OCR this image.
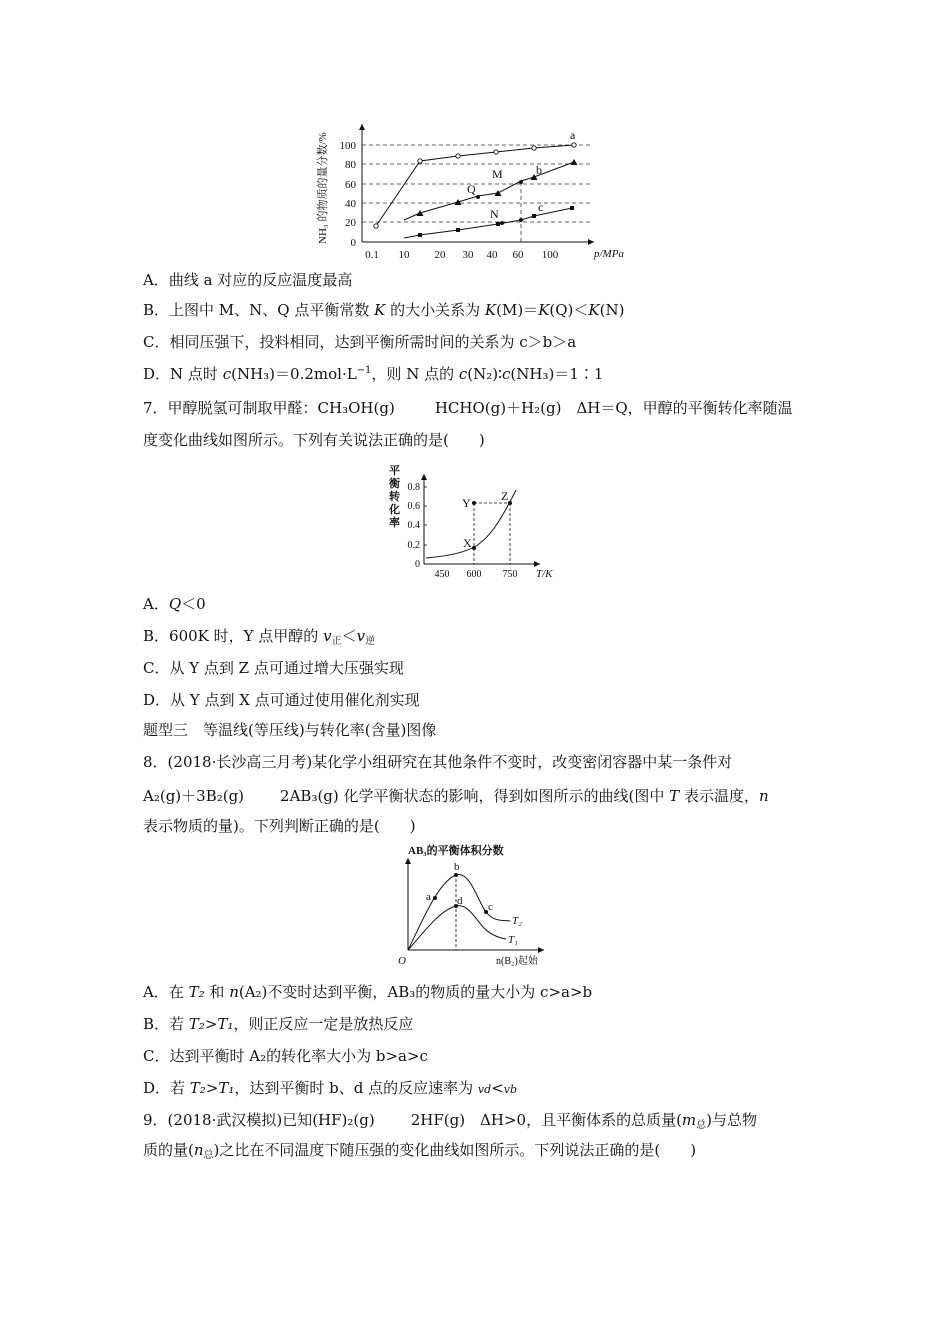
NH₃ 的物质的量分数/% 0
20
40
60
80
100
0.1 10 20 30 40 60 100	p/MPa
a
b
c
M
Q
N
A．曲线 a 对应的反应温度最高
B．上图中 M、N、Q 点平衡常数 K 的大小关系为 K(M)＝K(Q)＜K(N)
C．相同压强下，投料相同，达到平衡所需时间的关系为 c＞b＞a
D．N 点时 $c(NH_3)=0.2mol\cdot L^{-1}$，则 N 点的 c(N₂)∶c(NH₃)＝1∶1
7．甲醇脱氢可制取甲醛：CH₃OH(g)	HCHO(g)＋H₂(g)　ΔH＝Q，甲醇的平衡转化率随温
度变化曲线如图所示。下列有关说法正确的是(　　)
平
衡
转
化
率
0
0.2
0.4
0.6
0.8
450 600 750 T/K
X
Y	Z
A．Q＜0
B．600K 时，Y 点甲醇的 $v_正<v_逆$
C．从 Y 点到 Z 点可通过增大压强实现
D．从 Y 点到 X 点可通过使用催化剂实现
题型三　等温线(等压线)与转化率(含量)图像
8．(2018·长沙高三月考)某化学小组研究在其他条件不变时，改变密闭容器中某一条件对
A₂(g)＋3B₂(g) 2AB₃(g) 化学平衡状态的影响，得到如图所示的曲线(图中 T 表示温度，n
表示物质的量)。下列判断正确的是(　　)
AB₃的平衡体积分数
O	n(B₂)起始
a
b
c
d
T₂
T₁
A．在 T₂ 和 n(A₂)不变时达到平衡，AB₃的物质的量大小为 c>a>b
B．若 T₂>T₁，则正反应一定是放热反应
C．达到平衡时 A₂的转化率大小为 b>a>c
D．若 T₂>T₁，达到平衡时 b、d 点的反应速率为 vd<vb
9．(2018·武汉模拟)已知(HF)₂(g) 2HF(g)　ΔH>0，且平衡体系的总质量$(m_总)$与总物
质的量$(n_总)$之比在不同温度下随压强的变化曲线如图所示。下列说法正确的是(　　)
